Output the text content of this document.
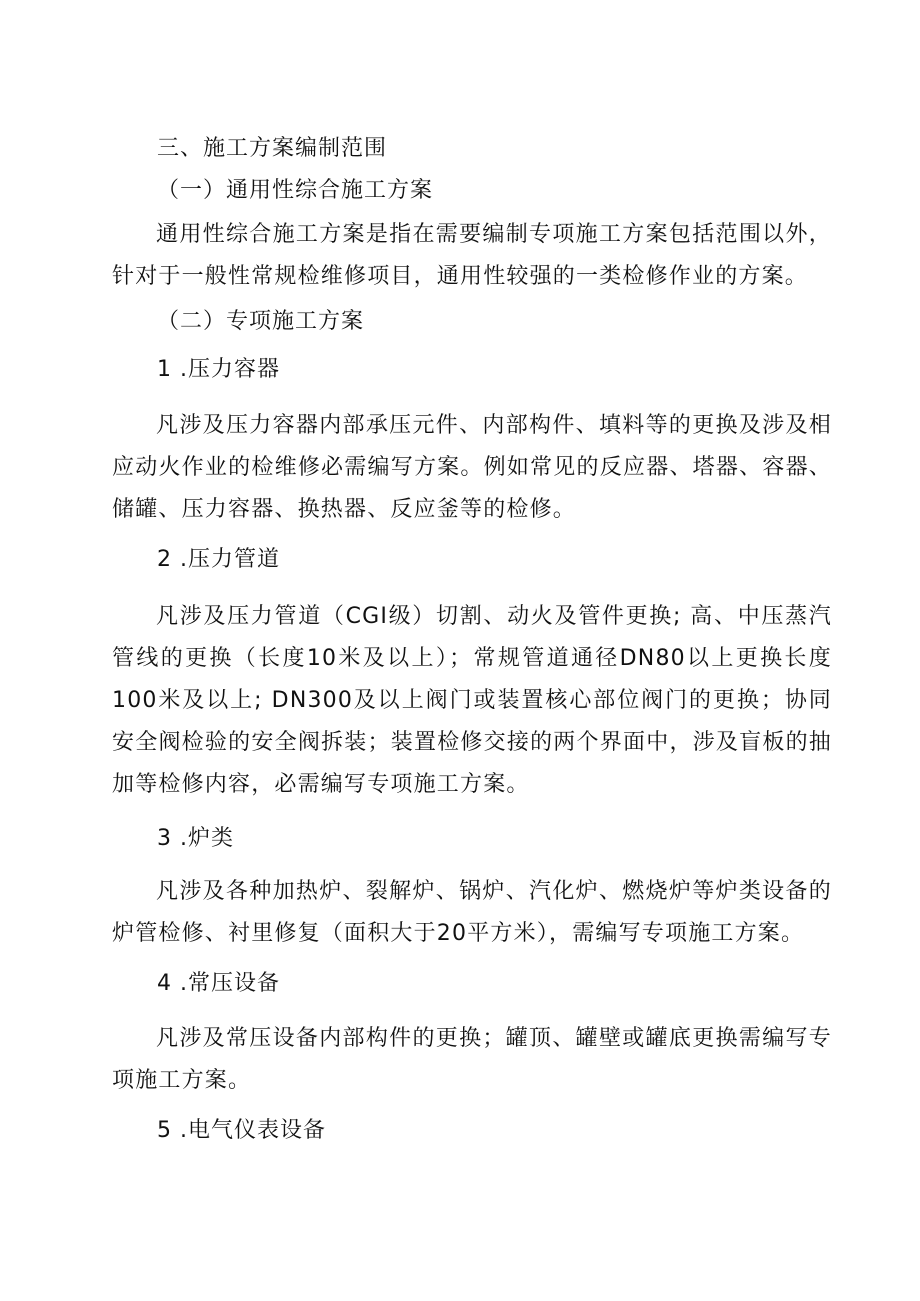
三、施工方案编制范围
（一）通用性综合施工方案

通用性综合施工方案是指在需要编制专项施工方案包括范围以外，针对于一般性常规检维修项目，通用性较强的一类检修作业的方案。

（二）专项施工方案
1 .压力容器

凡涉及压力容器内部承压元件、内部构件、填料等的更换及涉及相应动火作业的检维修必需编写方案。例如常见的反应器、塔器、容器、储罐、压力容器、换热器、反应釜等的检修。

2 .压力管道

凡涉及压力管道（CGI级）切割、动火及管件更换; 高、中压蒸汽管线的更换（长度10米及以上）；常规管道通径DN80以上更换长度100米及以上; DN300及以上阀门或装置核心部位阀门的更换；协同安全阀检验的安全阀拆装；装置检修交接的两个界面中，涉及盲板的抽加等检修内容，必需编写专项施工方案。

3 .炉类

凡涉及各种加热炉、裂解炉、锅炉、汽化炉、燃烧炉等炉类设备的炉管检修、衬里修复（面积大于20平方米），需编写专项施工方案。

4 .常压设备

凡涉及常压设备内部构件的更换；罐顶、罐壁或罐底更换需编写专项施工方案。

5 .电气仪表设备
